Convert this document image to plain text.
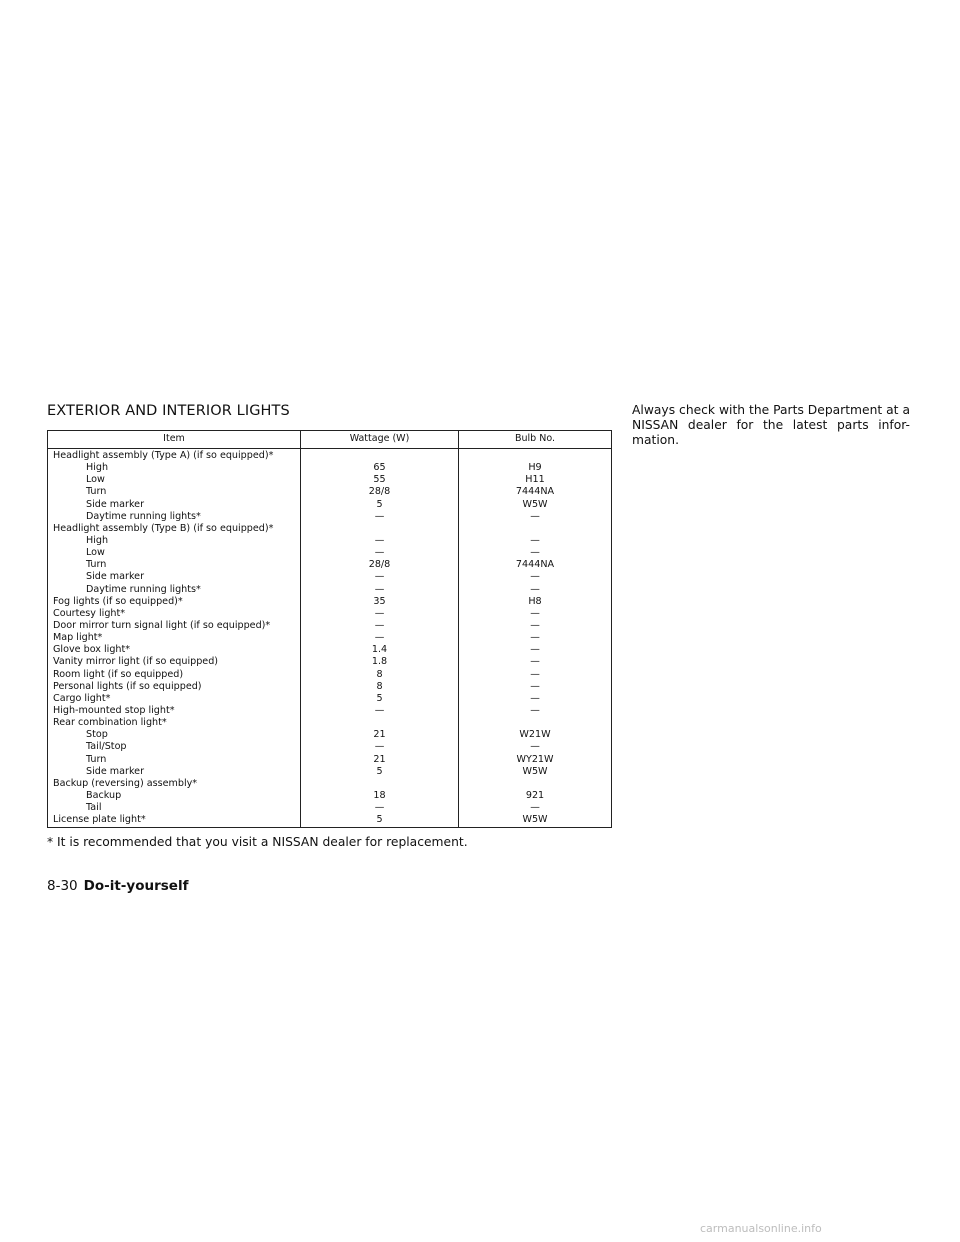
EXTERIOR AND INTERIOR LIGHTS
Item	Wattage (W)	Bulb No.
Headlight assembly (Type A) (if so equipped)*
High
Low
Turn
Side marker
Daytime running lights*
Headlight assembly (Type B) (if so equipped)*
High
Low
Turn
Side marker
Daytime running lights*
Fog lights (if so equipped)*
Courtesy light*
Door mirror turn signal light (if so equipped)*
Map light*
Glove box light*
Vanity mirror light (if so equipped)
Room light (if so equipped)
Personal lights (if so equipped)
Cargo light*
High-mounted stop light*
Rear combination light*
Stop
Tail/Stop
Turn
Side marker
Backup (reversing) assembly*
Backup
Tail
License plate light*
65
55
28/8
5
—
—
—
28/8
—
—
35
—
—
—
1.4
1.8
8
8
5
—
21
—
21
5
18
—
5
H9
H11
7444NA
W5W
—
—
—
7444NA
—
—
H8
—
—
—
—
—
—
—
—
—
W21W
—
WY21W
W5W
921
—
W5W
* It is recommended that you visit a NISSAN dealer for replacement.
Always check with the Parts Department at a NISSAN dealer for the latest parts infor-mation.
8-30 Do-it-yourself
carmanualsonline.info
